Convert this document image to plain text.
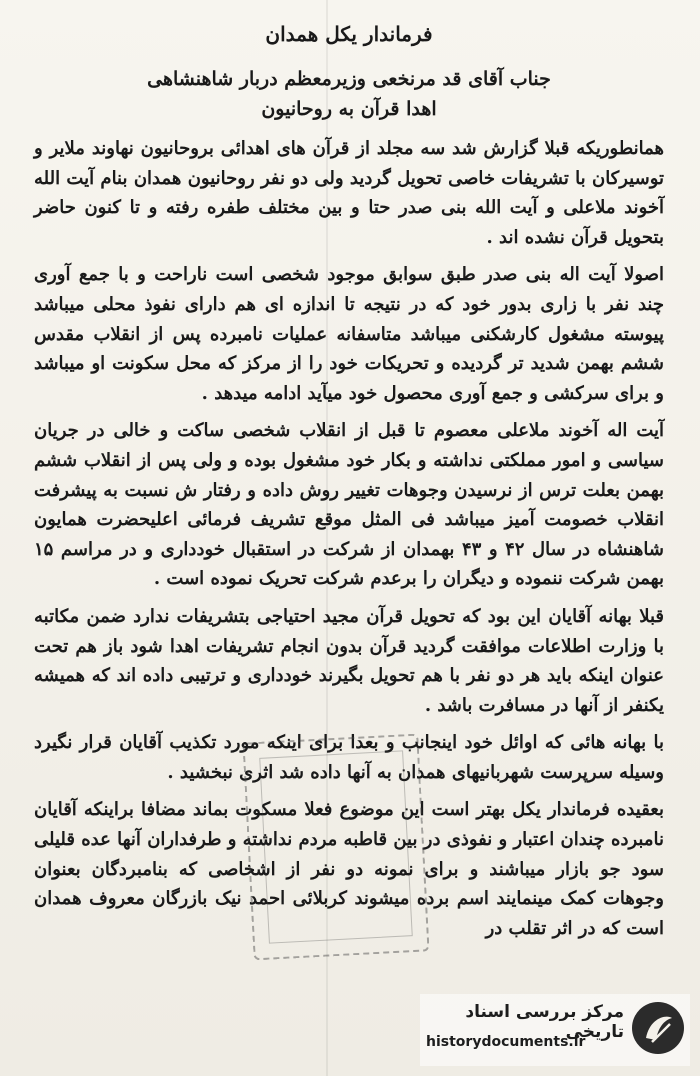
فرماندار یکل همدان

جناب آقای قد مرنخعی وزیرمعظم دربار شاهنشاهی

اهدا قرآن به روحانیون

همانطوریکه قبلا گزارش شد سه مجلد از قرآن های اهدائی بروحانیون نهاوند ملایر و توسیرکان با تشریفات خاصی تحویل گردید ولی دو نفر روحانیون همدان بنام آیت الله آخوند ملاعلی و آیت الله بنی صدر حتا و بین مختلف طفره رفته و تا کنون حاضر بتحویل قرآن نشده اند .

اصولا آیت اله بنی صدر طبق سوابق موجود شخصی است ناراحت و با جمع آوری چند نفر با زاری بدور خود که در نتیجه تا اندازه ای هم دارای نفوذ محلی میباشد پیوسته مشغول کارشکنی میباشد متاسفانه عملیات نامبرده پس از انقلاب مقدس ششم بهمن شدید تر گردیده و تحریکات خود را از مرکز که محل سکونت او میباشد و برای سرکشی و جمع آوری محصول خود میآید ادامه میدهد .

آیت اله آخوند ملاعلی معصوم تا قبل از انقلاب شخصی ساکت و خالی در جریان سیاسی و امور مملکتی نداشته و بکار خود مشغول بوده و ولی پس از انقلاب ششم بهمن بعلت ترس از نرسیدن وجوهات تغییر روش داده و رفتار ش نسبت به پیشرفت انقلاب خصومت آمیز میباشد فی المثل موقع تشریف فرمائی اعلیحضرت همایون شاهنشاه در سال ۴۲ و ۴۳ بهمدان از شرکت در استقبال خودداری و در مراسم ۱۵ بهمن شرکت ننموده و دیگران را برعدم شرکت تحریک نموده است .

قبلا بهانه آقایان این بود که تحویل قرآن مجید احتیاجی بتشریفات ندارد ضمن مکاتبه با وزارت اطلاعات موافقت گردید قرآن بدون انجام تشریفات اهدا شود باز هم تحت عنوان اینکه باید هر دو نفر با هم تحویل بگیرند خودداری و ترتیبی داده اند که همیشه یکنفر از آنها در مسافرت باشد .

با بهانه هائی که اوائل خود اینجانب و بعدا برای اینکه مورد تکذیب آقایان قرار نگیرد وسیله سرپرست شهربانیهای همدان به آنها داده شد اثری نبخشید .

بعقیده فرماندار یکل بهتر است این موضوع فعلا مسکوت بماند مضافا براینکه آقایان نامبرده چندان اعتبار و نفوذی در بین قاطبه مردم نداشته و طرفداران آنها عده قلیلی سود جو بازار میباشند و برای نمونه دو نفر از اشخاصی که بنامبردگان بعنوان وجوهات کمک مینمایند اسم برده میشوند کربلائی احمد نیک بازرگان معروف همدان است که در اثر تقلب در

مرکز بررسی اسناد تاریخی
historydocuments.ir
